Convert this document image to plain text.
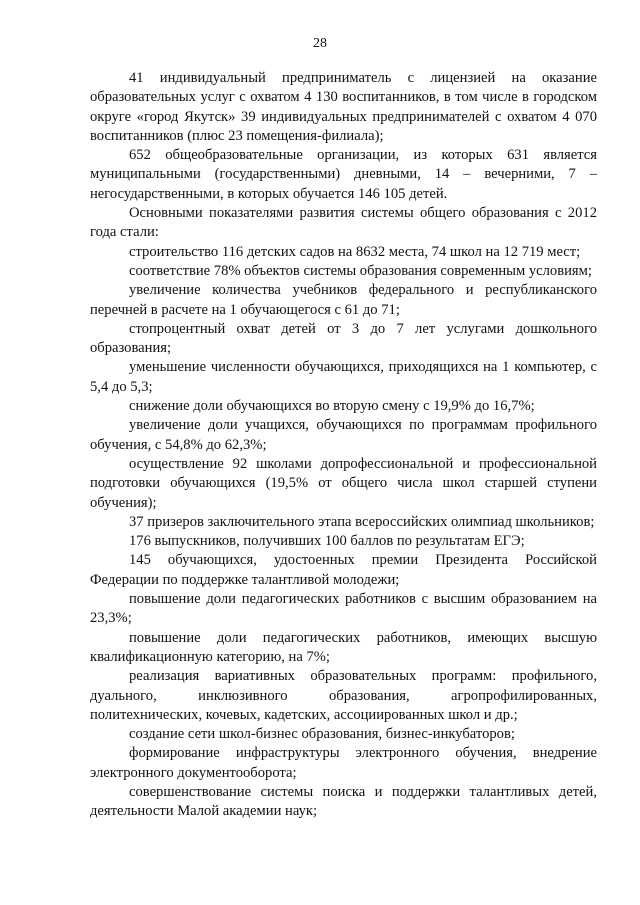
28

41 индивидуальный предприниматель с лицензией на оказание образовательных услуг с охватом 4 130 воспитанников, в том числе в городском округе «город Якутск» 39 индивидуальных предпринимателей с охватом 4 070 воспитанников (плюс 23 помещения-филиала);

652 общеобразовательные организации, из которых 631 является муниципальными (государственными) дневными, 14 – вечерними, 7 – негосударственными, в которых обучается 146 105 детей.

Основными показателями развития системы общего образования с 2012 года стали:

строительство 116 детских садов на 8632 места, 74 школ на 12 719 мест;

соответствие 78% объектов системы образования современным условиям;

увеличение количества учебников федерального и республиканского перечней в расчете на 1 обучающегося с 61 до 71;

стопроцентный охват детей от 3 до 7 лет услугами дошкольного образования;

уменьшение численности обучающихся, приходящихся на 1 компьютер, с 5,4 до 5,3;

снижение доли обучающихся во вторую смену с 19,9% до 16,7%;

увеличение доли учащихся, обучающихся по программам профильного обучения, с 54,8% до 62,3%;

осуществление 92 школами допрофессиональной и профессиональной подготовки обучающихся (19,5% от общего числа школ старшей ступени обучения);

37 призеров заключительного этапа всероссийских олимпиад школьников;

176 выпускников, получивших 100 баллов по результатам ЕГЭ;

145 обучающихся, удостоенных премии Президента Российской Федерации по поддержке талантливой молодежи;

повышение доли педагогических работников с высшим образованием на 23,3%;

повышение доли педагогических работников, имеющих высшую квалификационную категорию, на 7%;

реализация вариативных образовательных программ: профильного, дуального, инклюзивного образования, агропрофилированных, политехнических, кочевых, кадетских, ассоциированных школ и др.;

создание сети школ-бизнес образования, бизнес-инкубаторов;

формирование инфраструктуры электронного обучения, внедрение электронного документооборота;

совершенствование системы поиска и поддержки талантливых детей, деятельности Малой академии наук;
